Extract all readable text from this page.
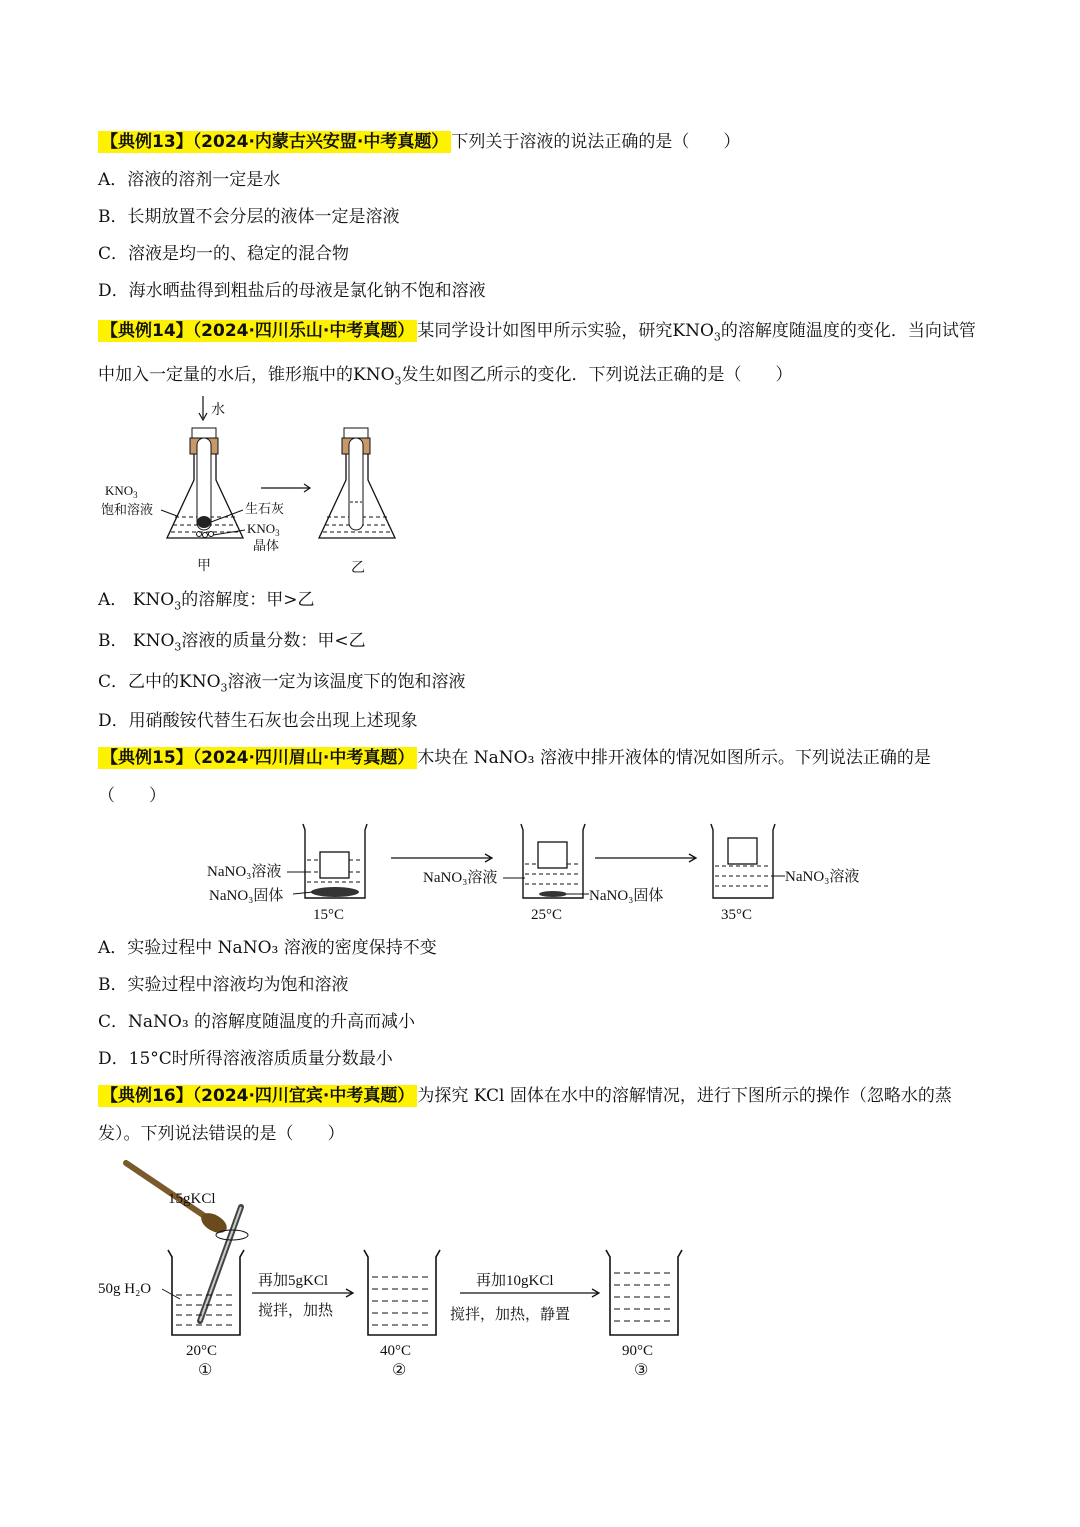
【典例13】（2024·内蒙古兴安盟·中考真题） 下列关于溶液的说法正确的是（　　）
A．溶液的溶剂一定是水
B．长期放置不会分层的液体一定是溶液
C．溶液是均一的、稳定的混合物
D．海水晒盐得到粗盐后的母液是氯化钠不饱和溶液
【典例14】（2024·四川乐山·中考真题） 某同学设计如图甲所示实验，研究$KNO_3$的溶解度随温度的变化．当向试管中加入一定量的水后，锥形瓶中的$KNO_3$发生如图乙所示的变化．下列说法正确的是（　　）
水
$KNO_3$
饱和溶液	生石灰
$KNO_3$
晶体
甲	乙
A． $KNO_3$的溶解度：甲>乙
B． $KNO_3$溶液的质量分数：甲<乙
C．乙中的$KNO_3$溶液一定为该温度下的饱和溶液
D．用硝酸铵代替生石灰也会出现上述现象
【典例15】（2024·四川眉山·中考真题） 木块在 NaNO₃ 溶液中排开液体的情况如图所示。下列说法正确的是（　　）
NaNO₃溶液
NaNO₃固体
15°C
NaNO₃溶液
NaNO₃固体
25°C
NaNO₃溶液
35°C
A．实验过程中 NaNO₃ 溶液的密度保持不变
B．实验过程中溶液均为饱和溶液
C．NaNO₃ 的溶解度随温度的升高而减小
D．15°C时所得溶液溶质质量分数最小
【典例16】（2024·四川宜宾·中考真题） 为探究 KCl 固体在水中的溶解情况，进行下图所示的操作（忽略水的蒸发）。下列说法错误的是（　　）
15gKCl
50g H₂O
20°C
①
再加5gKCl
搅拌，加热
40°C
②
再加10gKCl
搅拌，加热，静置
90°C
③
